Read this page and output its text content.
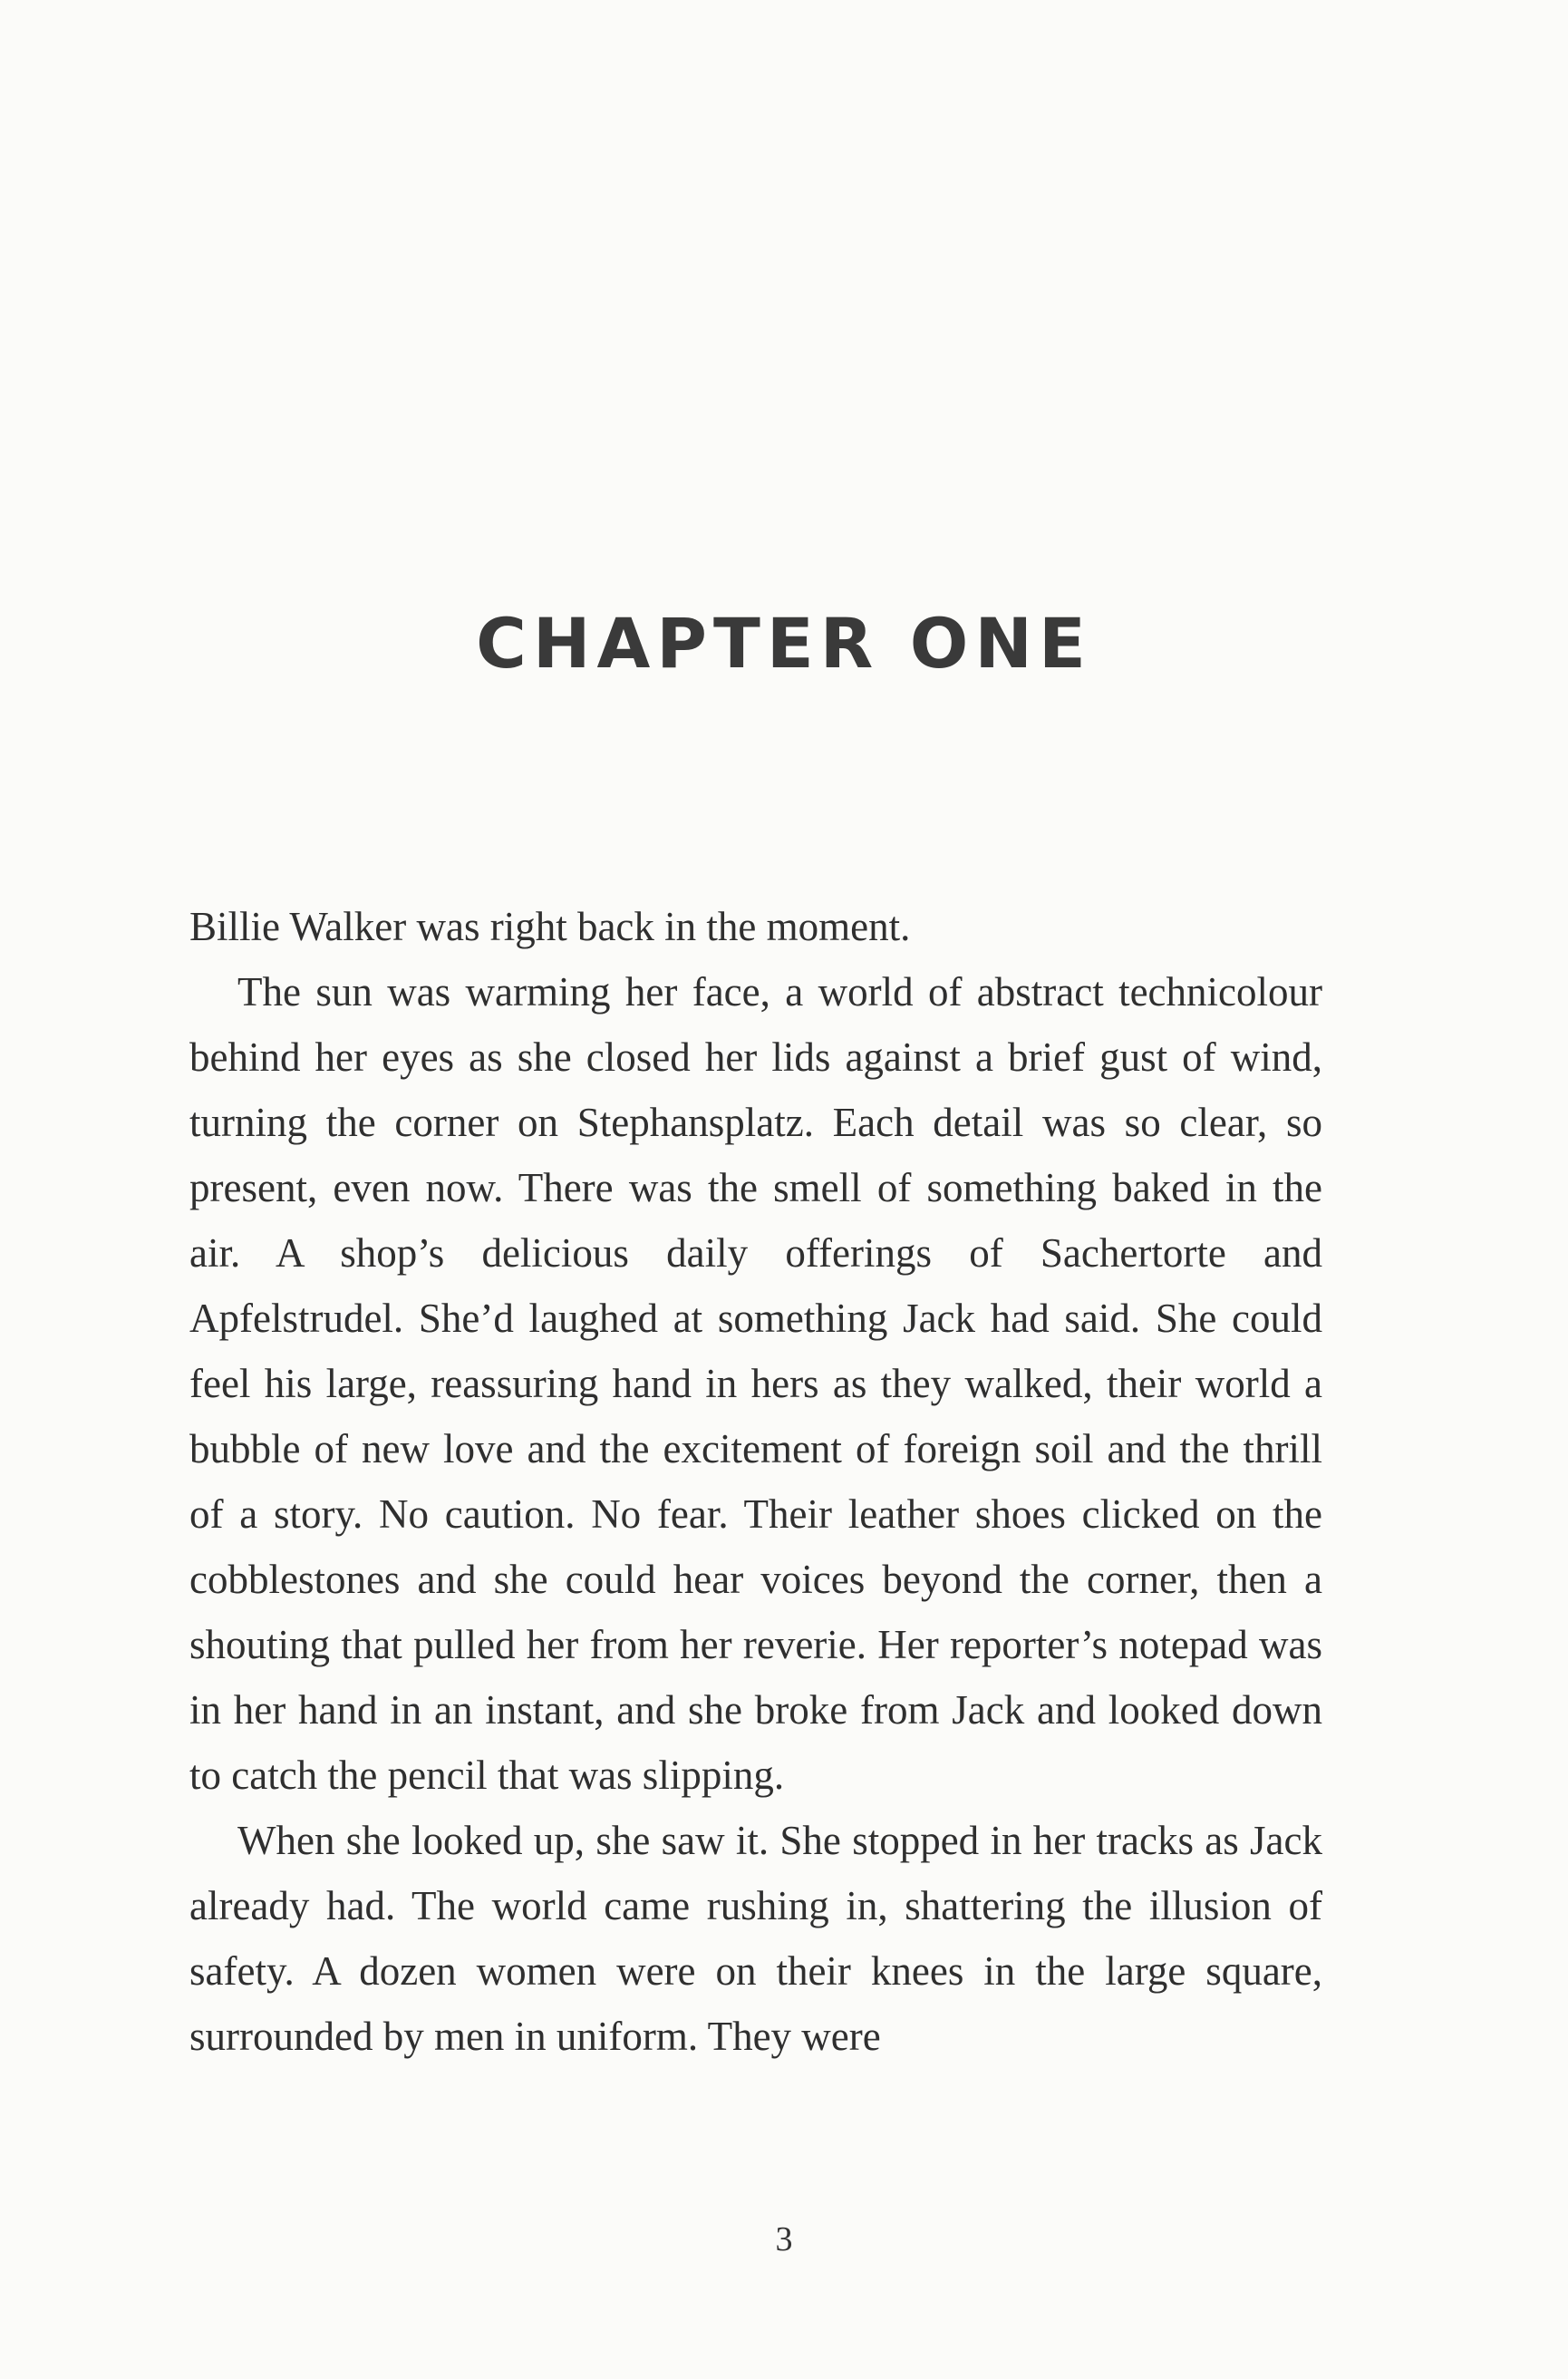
CHAPTER ONE

Billie Walker was right back in the moment.

The sun was warming her face, a world of abstract technicolour behind her eyes as she closed her lids against a brief gust of wind, turning the corner on Stephansplatz. Each detail was so clear, so present, even now. There was the smell of something baked in the air. A shop’s delicious daily offerings of Sachertorte and Apfelstrudel. She’d laughed at something Jack had said. She could feel his large, reassuring hand in hers as they walked, their world a bubble of new love and the excitement of foreign soil and the thrill of a story. No caution. No fear. Their leather shoes clicked on the cobblestones and she could hear voices beyond the corner, then a shouting that pulled her from her reverie. Her reporter’s notepad was in her hand in an instant, and she broke from Jack and looked down to catch the pencil that was slipping.

When she looked up, she saw it. She stopped in her tracks as Jack already had. The world came rushing in, shattering the illusion of safety. A dozen women were on their knees in the large square, surrounded by men in uniform. They were

3
